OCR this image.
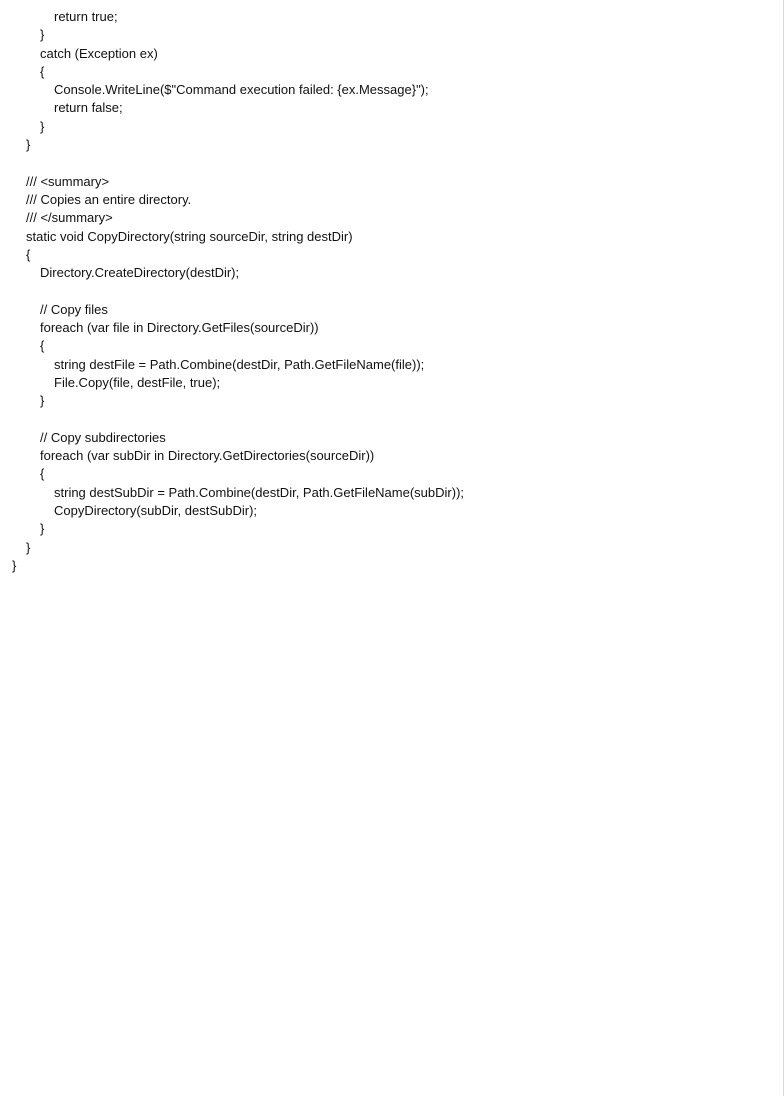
return true;
}
catch (Exception ex)
{
Console.WriteLine($"Command execution failed: {ex.Message}");
return false;
}
}
/// <summary>
/// Copies an entire directory.
/// </summary>
static void CopyDirectory(string sourceDir, string destDir)
{
Directory.CreateDirectory(destDir);
// Copy files
foreach (var file in Directory.GetFiles(sourceDir))
{
string destFile = Path.Combine(destDir, Path.GetFileName(file));
File.Copy(file, destFile, true);
}
// Copy subdirectories
foreach (var subDir in Directory.GetDirectories(sourceDir))
{
string destSubDir = Path.Combine(destDir, Path.GetFileName(subDir));
CopyDirectory(subDir, destSubDir);
}
}
}
